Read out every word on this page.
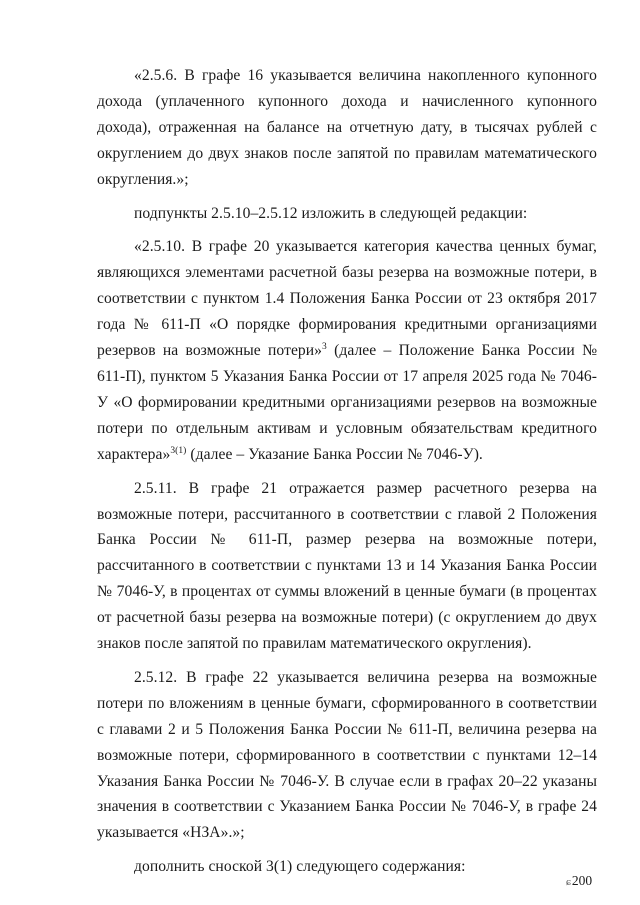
«2.5.6. В графе 16 указывается величина накопленного купонного дохода (уплаченного купонного дохода и начисленного купонного дохода), отраженная на балансе на отчетную дату, в тысячах рублей с округлением до двух знаков после запятой по правилам математического округления.»;

подпункты 2.5.10–2.5.12 изложить в следующей редакции:

«2.5.10. В графе 20 указывается категория качества ценных бумаг, являющихся элементами расчетной базы резерва на возможные потери, в соответствии с пунктом 1.4 Положения Банка России от 23 октября 2017 года № 611-П «О порядке формирования кредитными организациями резервов на возможные потери»$^3$ (далее – Положение Банка России № 611-П), пунктом 5 Указания Банка России от 17 апреля 2025 года № 7046-У «О формировании кредитными организациями резервов на возможные потери по отдельным активам и условным обязательствам кредитного характера»$^{3(1)}$ (далее – Указание Банка России № 7046-У).

2.5.11. В графе 21 отражается размер расчетного резерва на возможные потери, рассчитанного в соответствии с главой 2 Положения Банка России № 611-П, размер резерва на возможные потери, рассчитанного в соответствии с пунктами 13 и 14 Указания Банка России № 7046-У, в процентах от суммы вложений в ценные бумаги (в процентах от расчетной базы резерва на возможные потери) (с округлением до двух знаков после запятой по правилам математического округления).

2.5.12. В графе 22 указывается величина резерва на возможные потери по вложениям в ценные бумаги, сформированного в соответствии с главами 2 и 5 Положения Банка России № 611-П, величина резерва на возможные потери, сформированного в соответствии с пунктами 12–14 Указания Банка России № 7046-У. В случае если в графах 20–22 указаны значения в соответствии с Указанием Банка России № 7046-У, в графе 24 указывается «НЗА».»;

дополнить сноской 3(1) следующего содержания:

ɕ200
